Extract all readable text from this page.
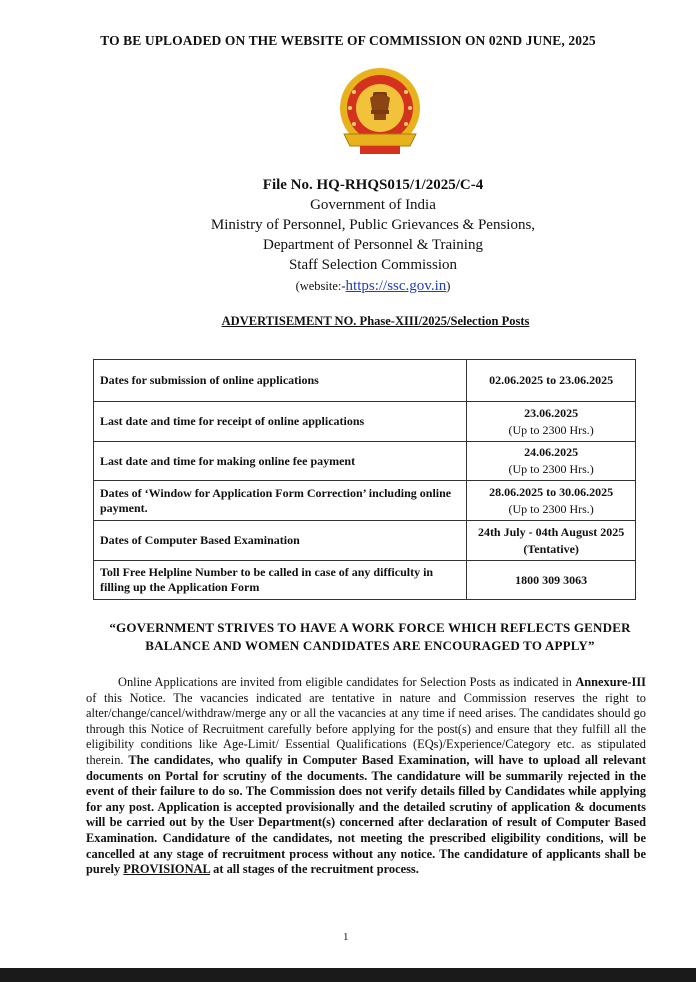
TO BE UPLOADED ON THE WEBSITE OF COMMISSION ON 02ND JUNE, 2025
File No. HQ-RHQS015/1/2025/C-4
Government of India
Ministry of Personnel, Public Grievances & Pensions,
Department of Personnel & Training
Staff Selection Commission
(website:-https://ssc.gov.in)
ADVERTISEMENT NO. Phase-XIII/2025/Selection Posts
Dates for submission of online applications	02.06.2025 to 23.06.2025
Last date and time for receipt of online applications	23.06.2025
(Up to 2300 Hrs.)

Last date and time for making online fee payment	24.06.2025
(Up to 2300 Hrs.)

Dates of ‘Window for Application Form Correction’ including online payment.	28.06.2025 to 30.06.2025
(Up to 2300 Hrs.)

Dates of Computer Based Examination	24th July - 04th August 2025
(Tentative)

Toll Free Helpline Number to be called in case of any difficulty in filling up the Application Form	1800 309 3063
“GOVERNMENT STRIVES TO HAVE A WORK FORCE WHICH REFLECTS GENDER
BALANCE AND WOMEN CANDIDATES ARE ENCOURAGED TO APPLY”

Online Applications are invited from eligible candidates for Selection Posts as indicated in Annexure-III of this Notice. The vacancies indicated are tentative in nature and Commission reserves the right to alter/change/cancel/withdraw/merge any or all the vacancies at any time if need arises. The candidates should go through this Notice of Recruitment carefully before applying for the post(s) and ensure that they fulfill all the eligibility conditions like Age-Limit/ Essential Qualifications (EQs)/Experience/Category etc. as stipulated therein. The candidates, who qualify in Computer Based Examination, will have to upload all relevant documents on Portal for scrutiny of the documents. The candidature will be summarily rejected in the event of their failure to do so. The Commission does not verify details filled by Candidates while applying for any post. Application is accepted provisionally and the detailed scrutiny of application & documents will be carried out by the User Department(s) concerned after declaration of result of Computer Based Examination. Candidature of the candidates, not meeting the prescribed eligibility conditions, will be cancelled at any stage of recruitment process without any notice. The candidature of applicants shall be purely PROVISIONAL at all stages of the recruitment process.

1
